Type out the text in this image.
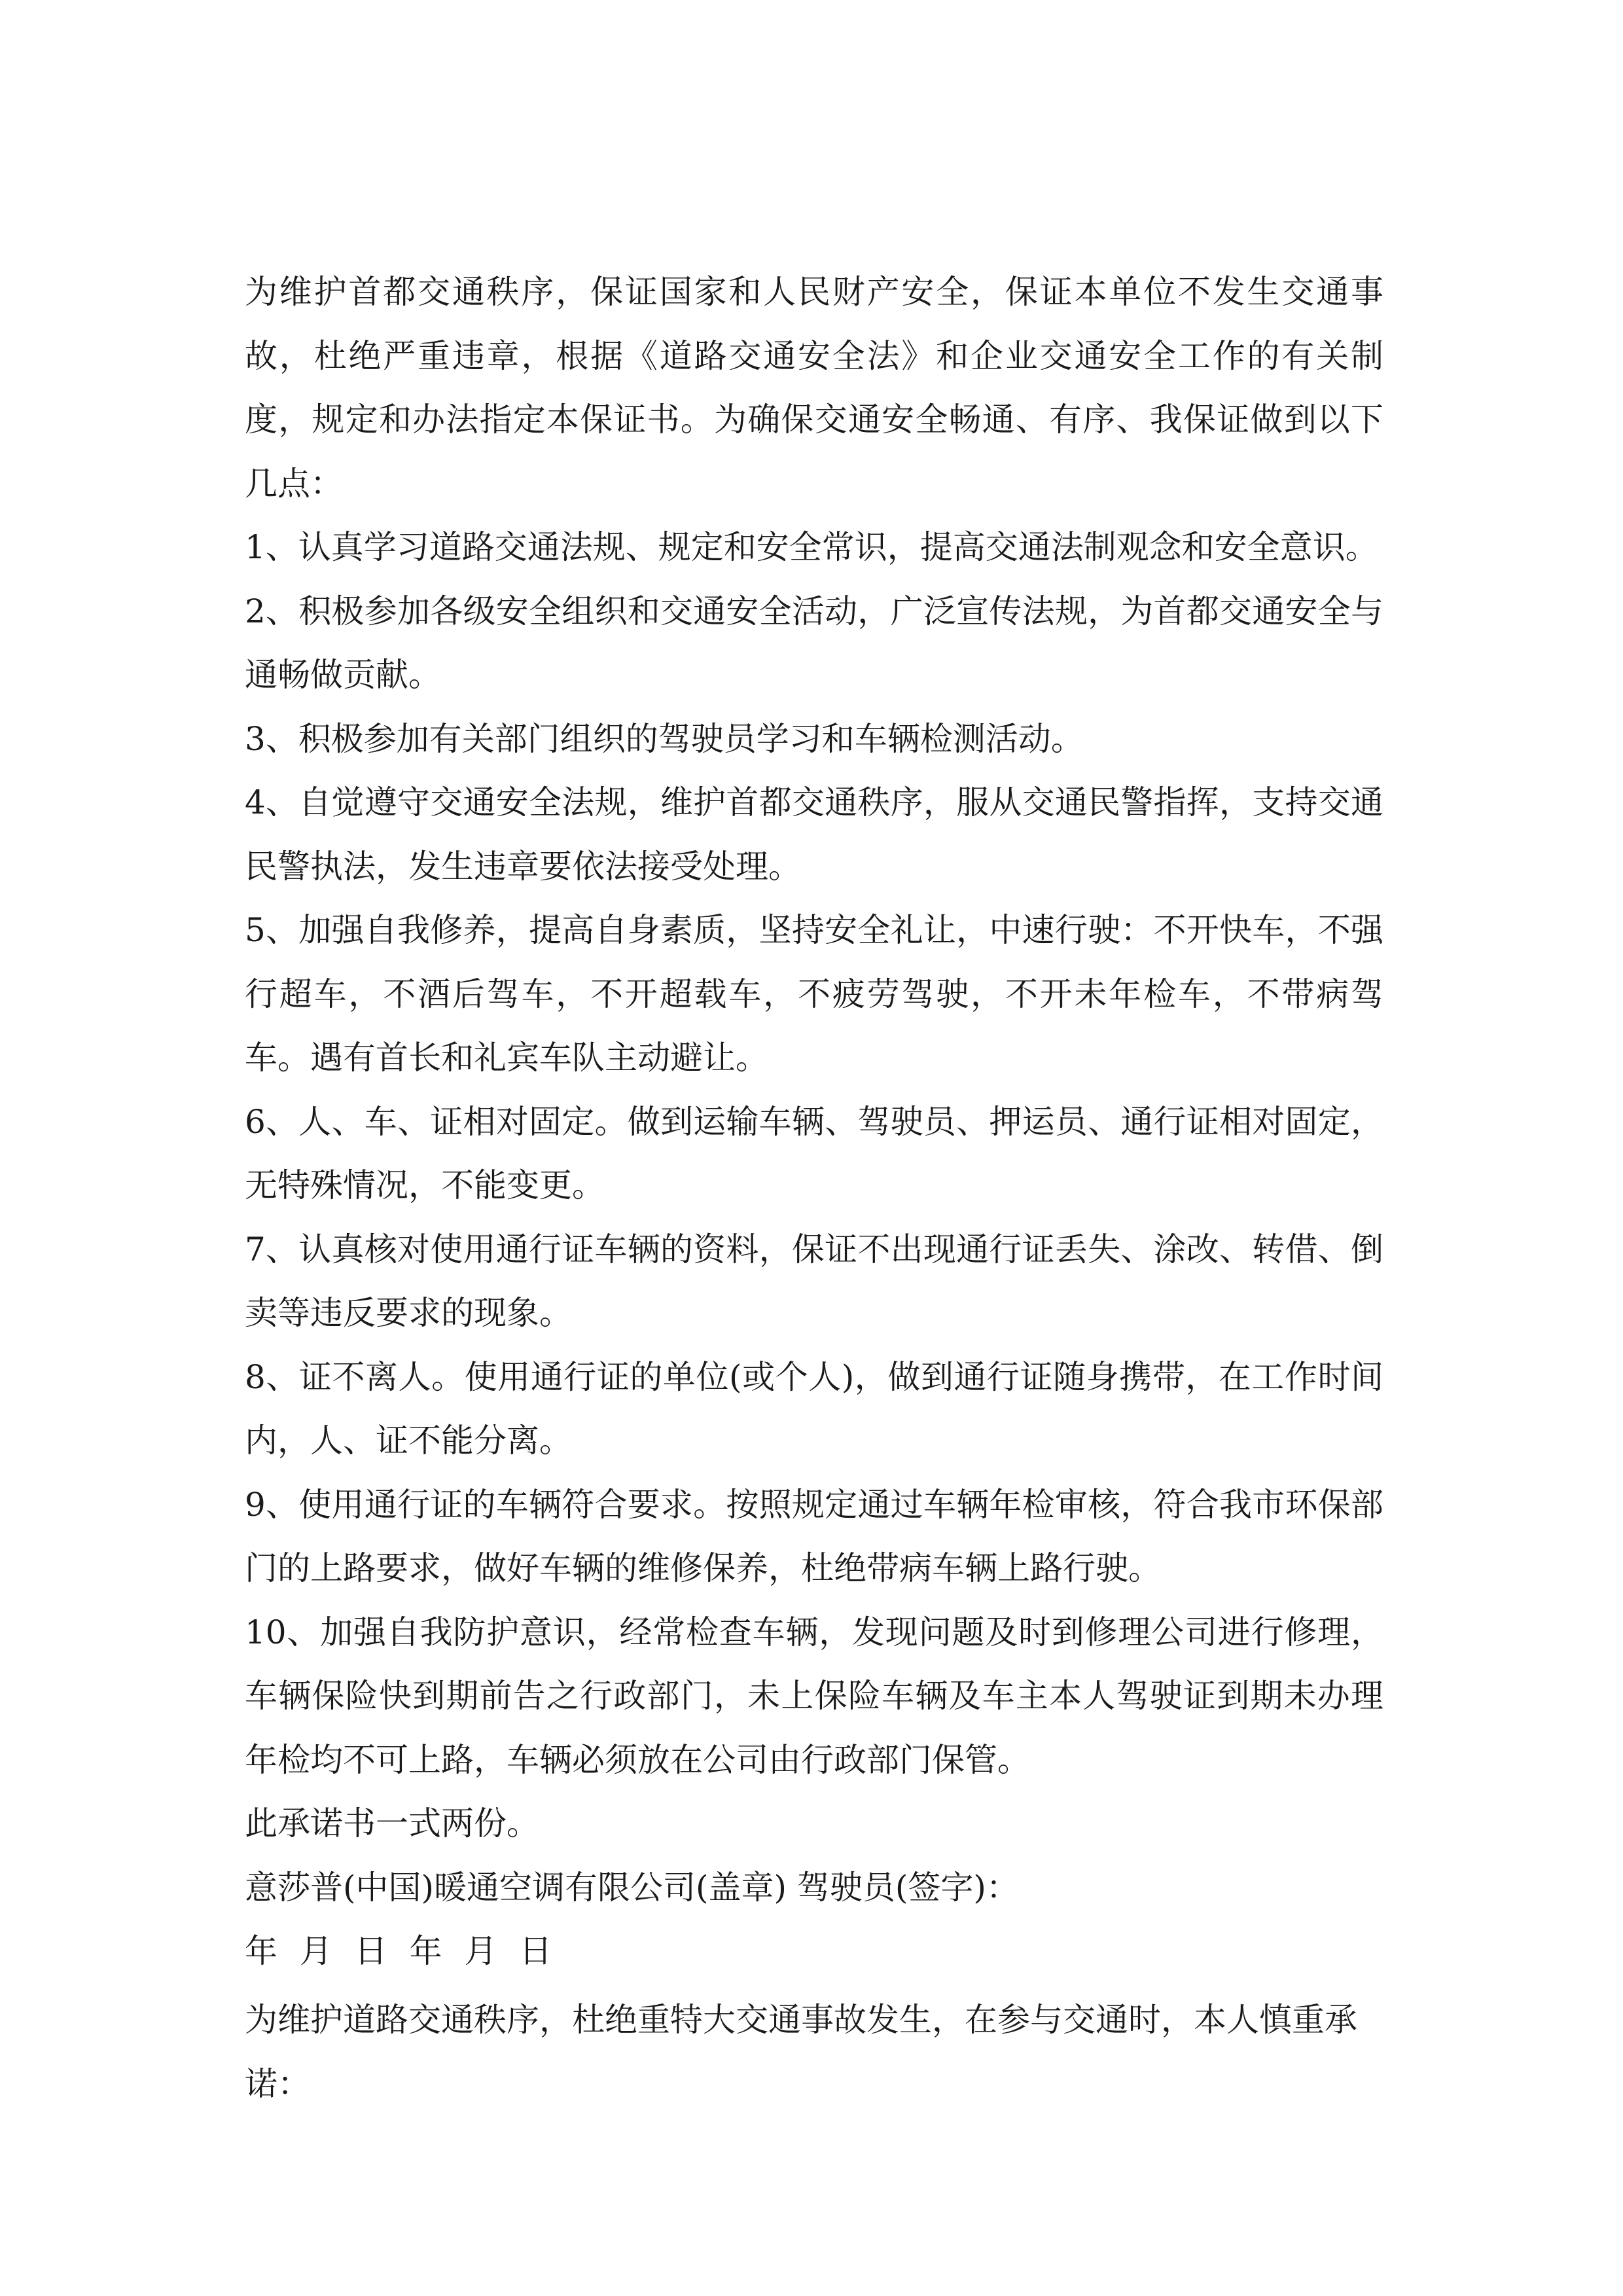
为维护首都交通秩序，保证国家和人民财产安全，保证本单位不发生交通事故，杜绝严重违章，根据《道路交通安全法》和企业交通安全工作的有关制度，规定和办法指定本保证书。为确保交通安全畅通、有序、我保证做到以下几点：

1、认真学习道路交通法规、规定和安全常识，提高交通法制观念和安全意识。

2、积极参加各级安全组织和交通安全活动，广泛宣传法规，为首都交通安全与通畅做贡献。

3、积极参加有关部门组织的驾驶员学习和车辆检测活动。

4、自觉遵守交通安全法规，维护首都交通秩序，服从交通民警指挥，支持交通民警执法，发生违章要依法接受处理。

5、加强自我修养，提高自身素质，坚持安全礼让，中速行驶：不开快车，不强行超车，不酒后驾车，不开超载车，不疲劳驾驶，不开未年检车，不带病驾车。遇有首长和礼宾车队主动避让。

6、人、车、证相对固定。做到运输车辆、驾驶员、押运员、通行证相对固定，无特殊情况，不能变更。

7、认真核对使用通行证车辆的资料，保证不出现通行证丢失、涂改、转借、倒卖等违反要求的现象。

8、证不离人。使用通行证的单位(或个人)，做到通行证随身携带，在工作时间内，人、证不能分离。

9、使用通行证的车辆符合要求。按照规定通过车辆年检审核，符合我市环保部门的上路要求，做好车辆的维修保养，杜绝带病车辆上路行驶。

10、加强自我防护意识，经常检查车辆，发现问题及时到修理公司进行修理，车辆保险快到期前告之行政部门，未上保险车辆及车主本人驾驶证到期未办理年检均不可上路，车辆必须放在公司由行政部门保管。

此承诺书一式两份。

意莎普(中国)暖通空调有限公司(盖章) 驾驶员(签字)：

年 月 日 年 月 日

为维护道路交通秩序，杜绝重特大交通事故发生，在参与交通时，本人慎重承诺：
